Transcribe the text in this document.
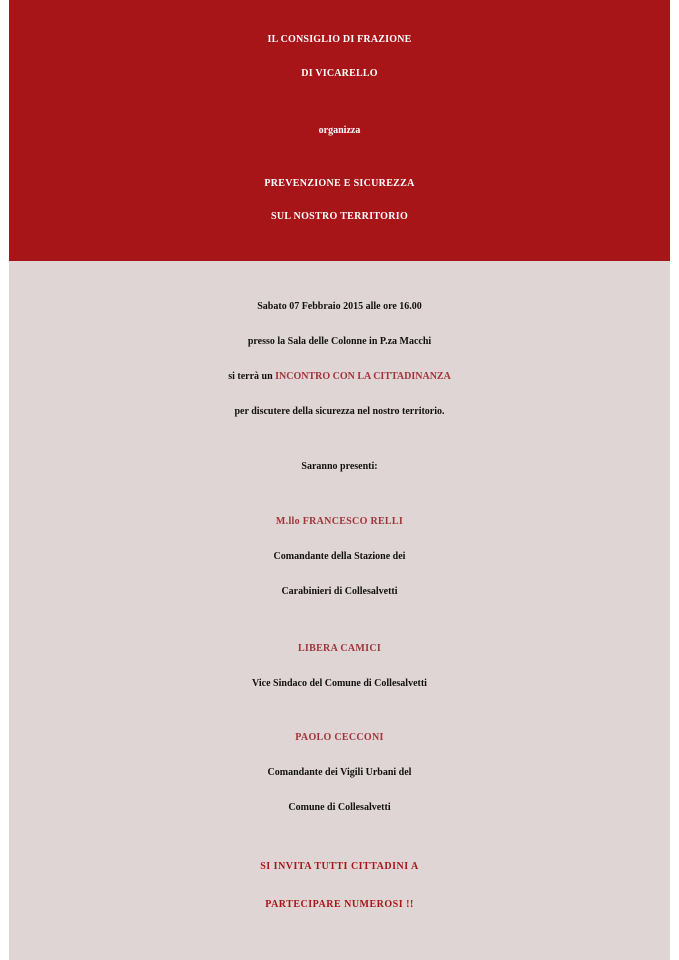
IL CONSIGLIO DI FRAZIONE
DI VICARELLO
organizza
PREVENZIONE E SICUREZZA
SUL NOSTRO TERRITORIO
Sabato 07 Febbraio 2015 alle ore 16.00
presso la Sala delle Colonne in P.za Macchi
si terrà un INCONTRO CON LA CITTADINANZA
per discutere della sicurezza nel nostro territorio.
Saranno presenti:
M.llo FRANCESCO RELLI
Comandante della Stazione dei
Carabinieri di Collesalvetti
LIBERA CAMICI
Vice Sindaco del Comune di Collesalvetti
PAOLO CECCONI
Comandante dei Vigili Urbani del
Comune di Collesalvetti
SI INVITA TUTTI CITTADINI A
PARTECIPARE NUMEROSI !!
